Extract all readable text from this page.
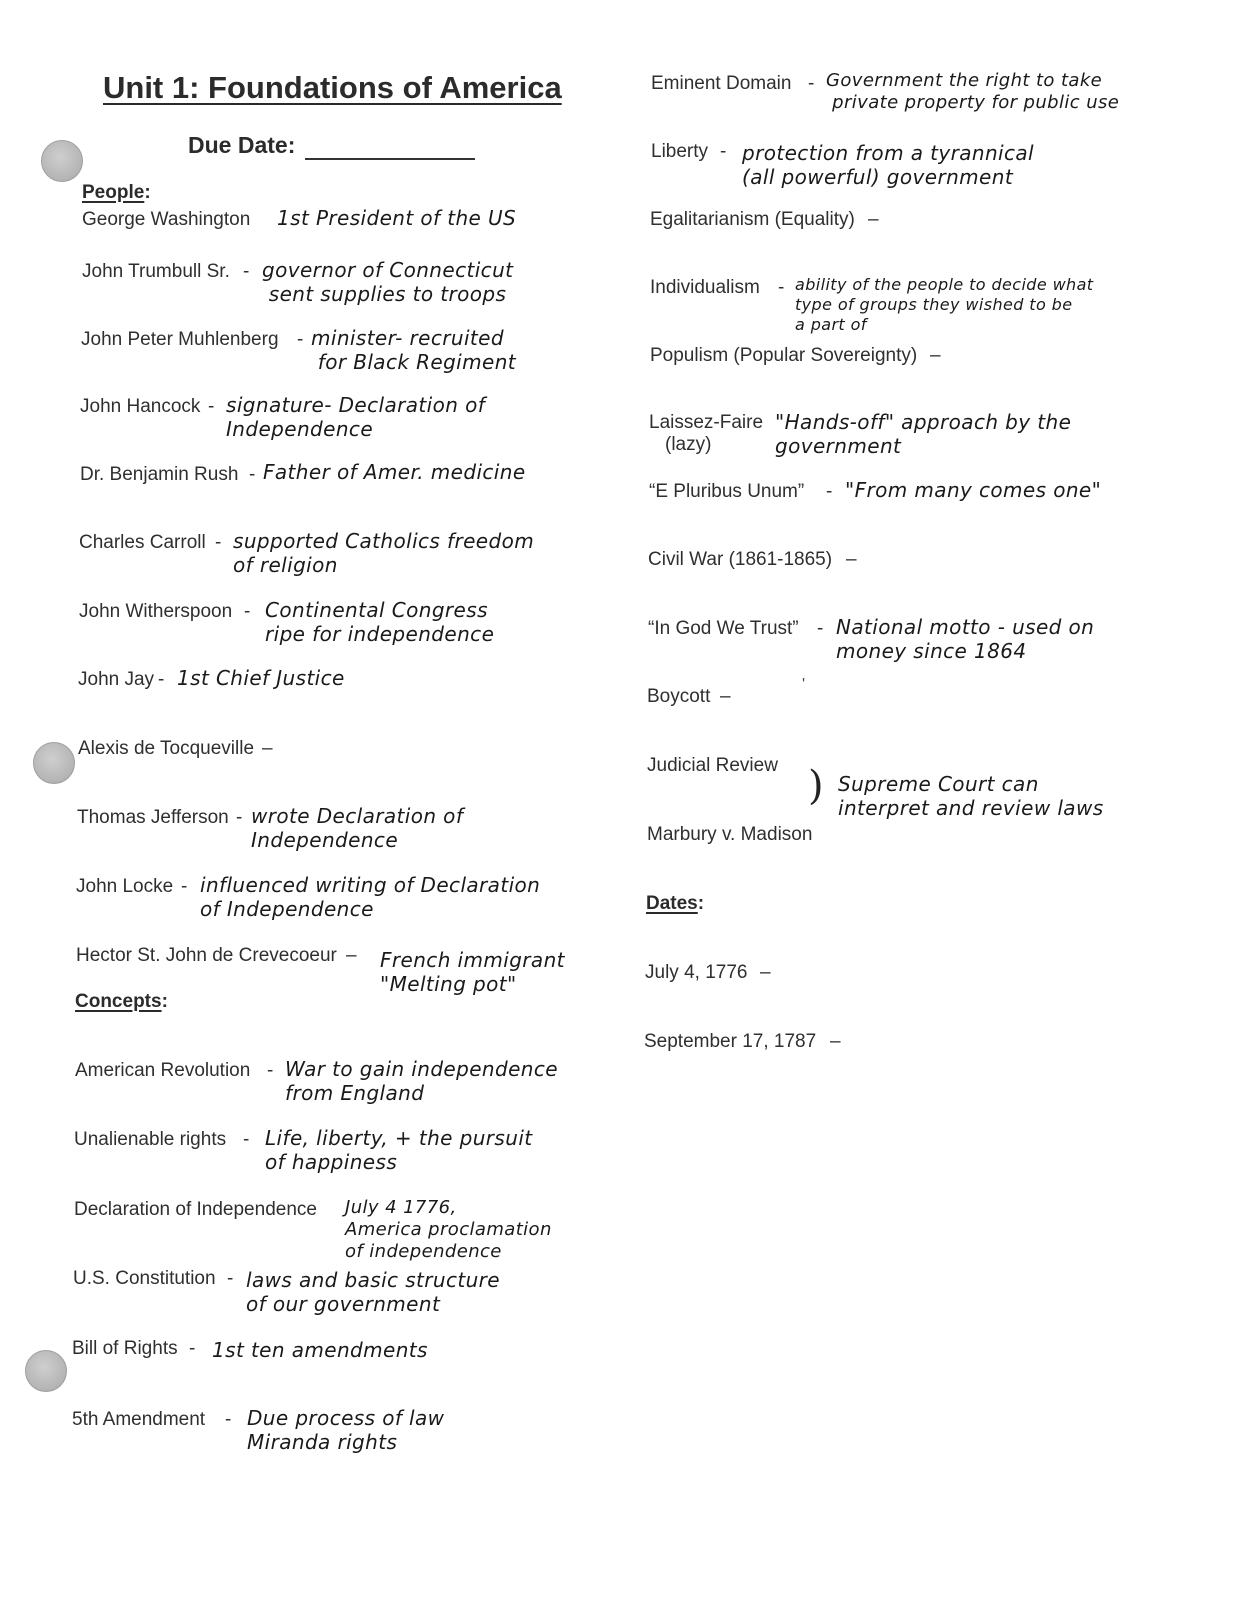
Unit 1: Foundations of America
Due Date:
People:
George Washington 1st President of the US
John Trumbull Sr. - governor of Connecticut
sent supplies to troops
John Peter Muhlenberg - minister- recruited
for Black Regiment
John Hancock - signature- Declaration of
Independence
Dr. Benjamin Rush - Father of Amer. medicine
Charles Carroll - supported Catholics freedom
of religion
John Witherspoon - Continental Congress
ripe for independence
John Jay - 1st Chief Justice
Alexis de Tocqueville –
Thomas Jefferson - wrote Declaration of
Independence
John Locke - influenced writing of Declaration
of Independence
Hector St. John de Crevecoeur – French immigrant
"Melting pot"
Concepts:
American Revolution - War to gain independence
from England
Unalienable rights - Life, liberty, + the pursuit
of happiness
Declaration of Independence July 4 1776,
America proclamation
of independence
U.S. Constitution - laws and basic structure
of our government
Bill of Rights - 1st ten amendments
5th Amendment - Due process of law
Miranda rights
Eminent Domain - Government the right to take
private property for public use
Liberty - protection from a tyrannical
(all powerful) government
Egalitarianism (Equality) –
Individualism - ability of the people to decide what
type of groups they wished to be
a part of
Populism (Popular Sovereignty) –
Laissez-Faire
(lazy)
"Hands-off" approach by the
government
“E Pluribus Unum” - "From many comes one"
Civil War (1861-1865) –
“In God We Trust” - National motto - used on
money since 1864
Boycott –
'
Judicial Review
Marbury v. Madison
) Supreme Court can
interpret and review laws
Dates:
July 4, 1776 –
September 17, 1787 –
